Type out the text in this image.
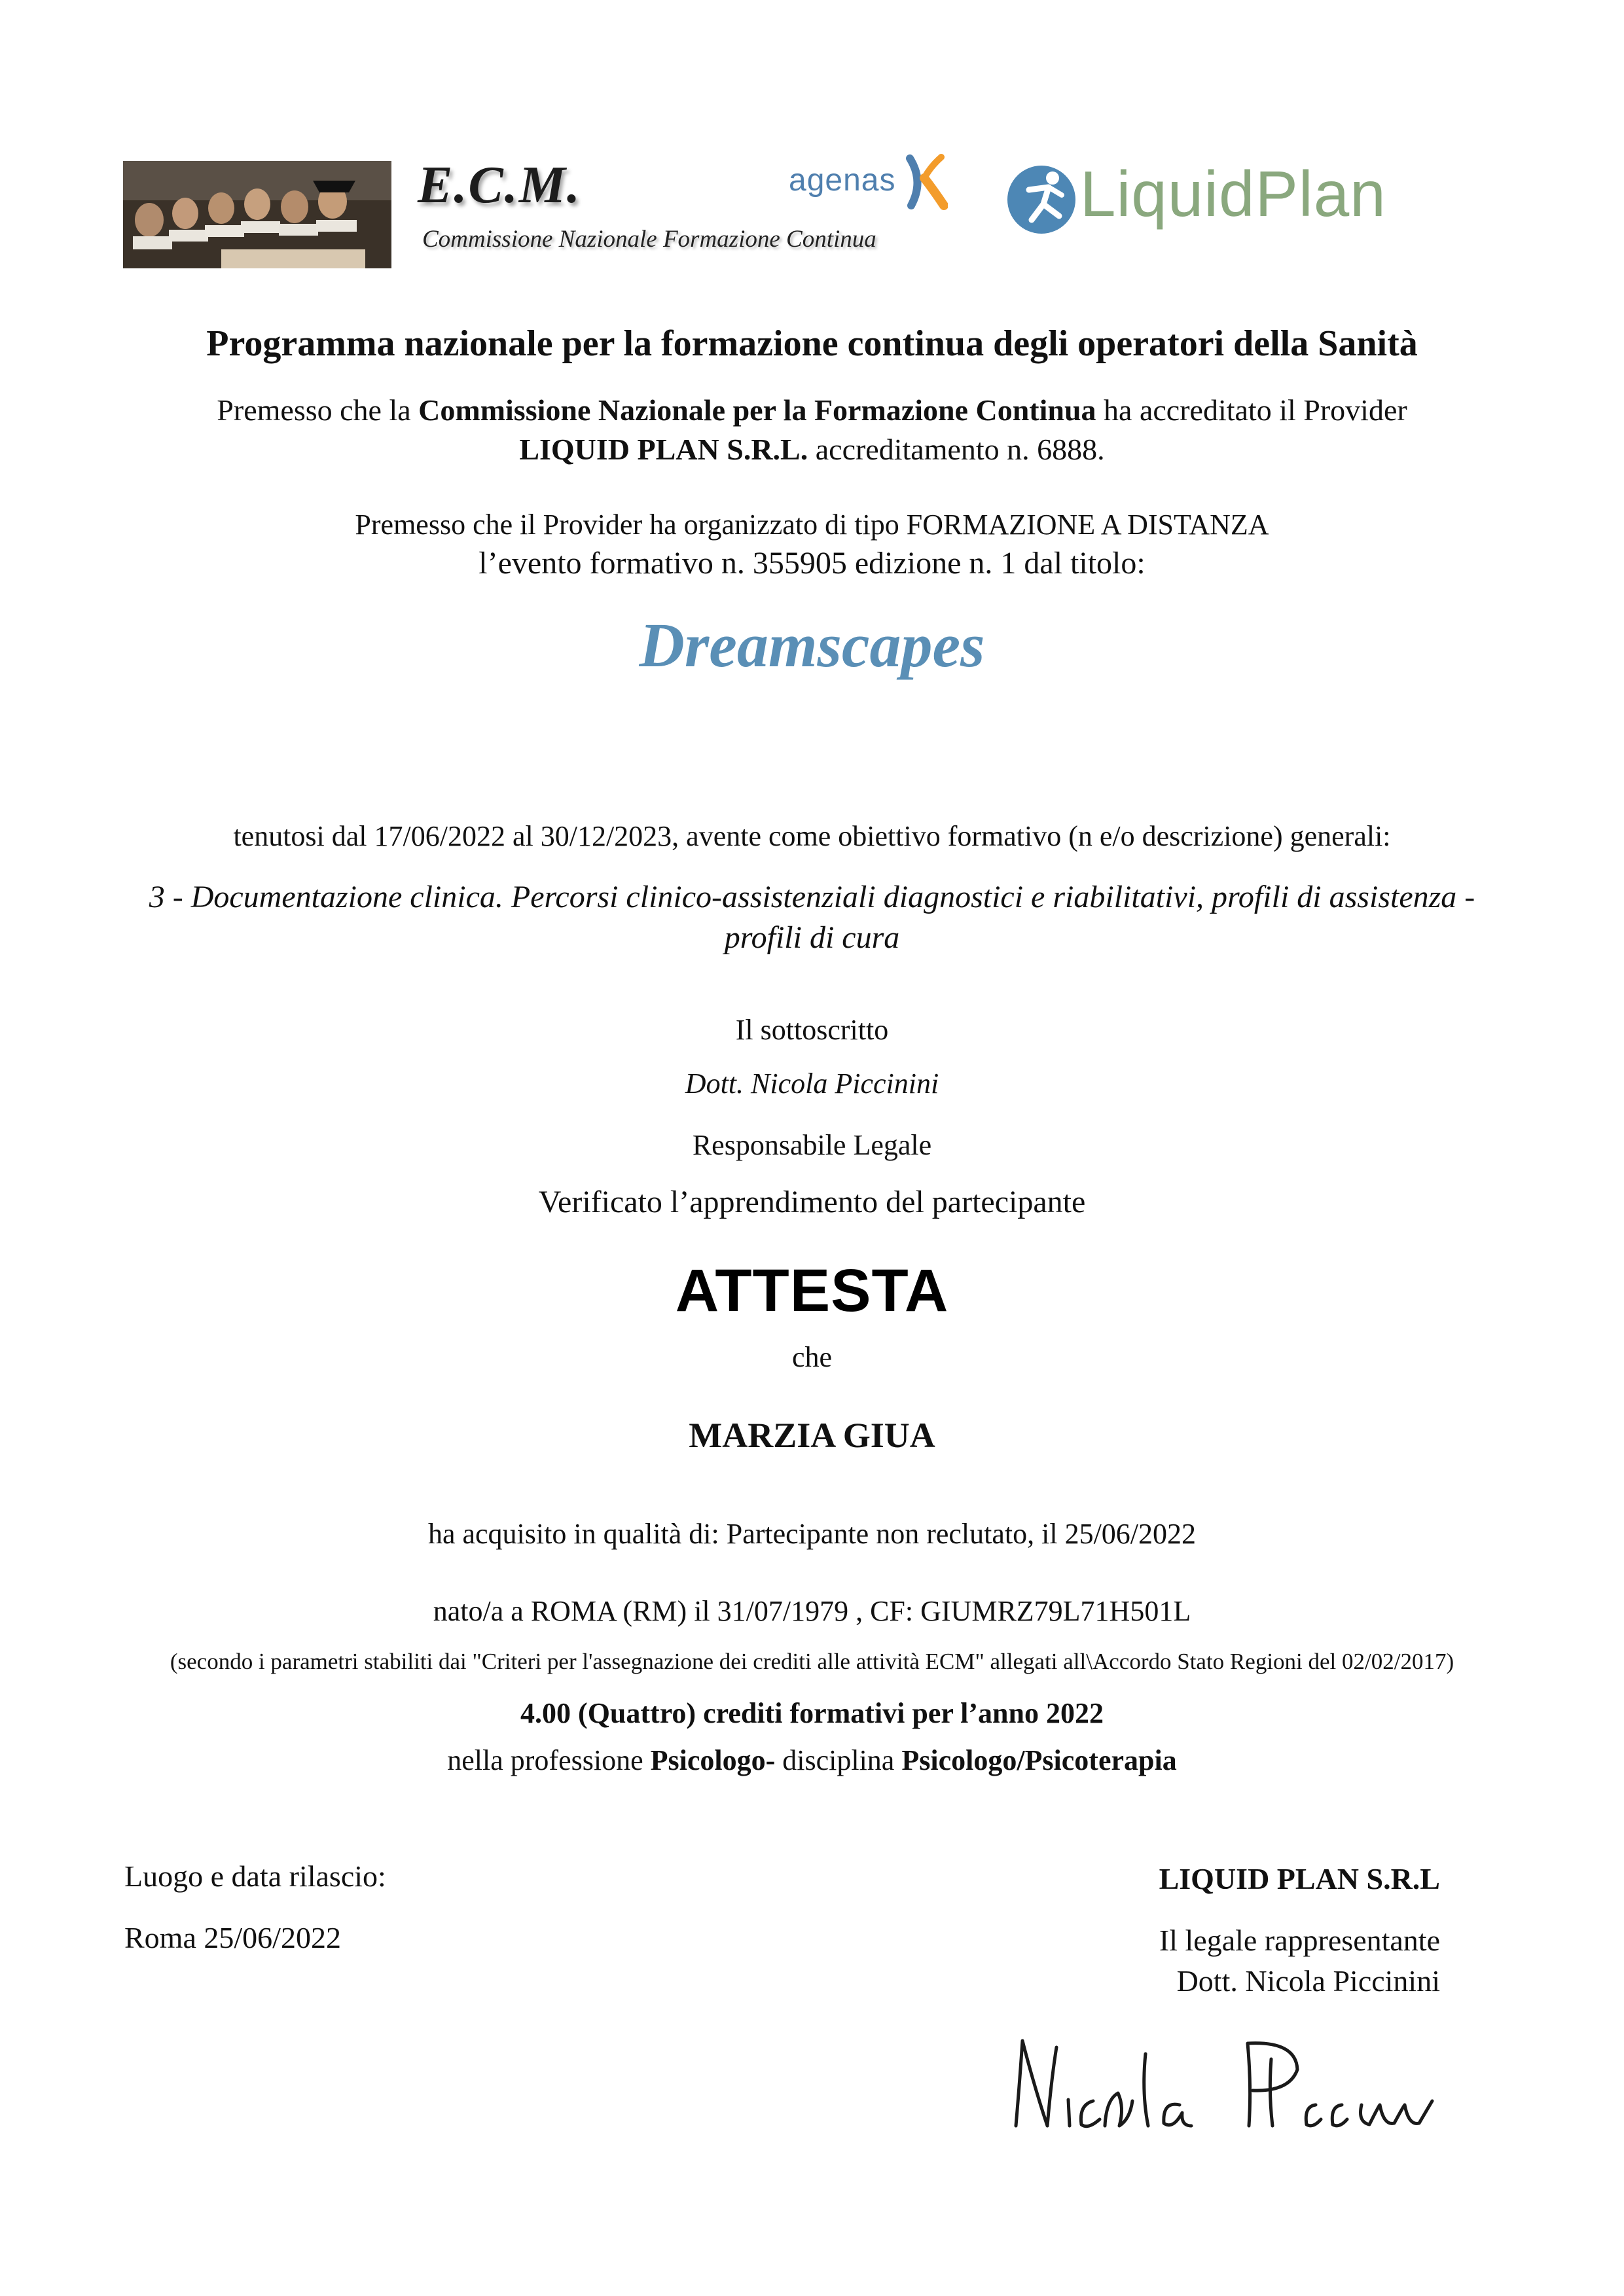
E.C.M.
Commissione Nazionale Formazione Continua
agenas	LiquidPlan
Programma nazionale per la formazione continua degli operatori della Sanità
Premesso che la Commissione Nazionale per la Formazione Continua ha accreditato il Provider
LIQUID PLAN S.R.L. accreditamento n. 6888.
Premesso che il Provider ha organizzato di tipo FORMAZIONE A DISTANZA
l’evento formativo n. 355905 edizione n. 1 dal titolo:
Dreamscapes
tenutosi dal 17/06/2022 al 30/12/2023, avente come obiettivo formativo (n e/o descrizione) generali:
3 - Documentazione clinica. Percorsi clinico-assistenziali diagnostici e riabilitativi, profili di assistenza -
profili di cura
Il sottoscritto
Dott. Nicola Piccinini
Responsabile Legale
Verificato l’apprendimento del partecipante
ATTESTA
che
MARZIA GIUA
ha acquisito in qualità di: Partecipante non reclutato, il 25/06/2022
nato/a a ROMA (RM) il 31/07/1979 , CF: GIUMRZ79L71H501L
(secondo i parametri stabiliti dai "Criteri per l'assegnazione dei crediti alle attività ECM" allegati all\Accordo Stato Regioni del 02/02/2017)
4.00 (Quattro) crediti formativi per l’anno 2022
nella professione Psicologo- disciplina Psicologo/Psicoterapia
Luogo e data rilascio:
Roma 25/06/2022
LIQUID PLAN S.R.L
Il legale rappresentante
Dott. Nicola Piccinini
